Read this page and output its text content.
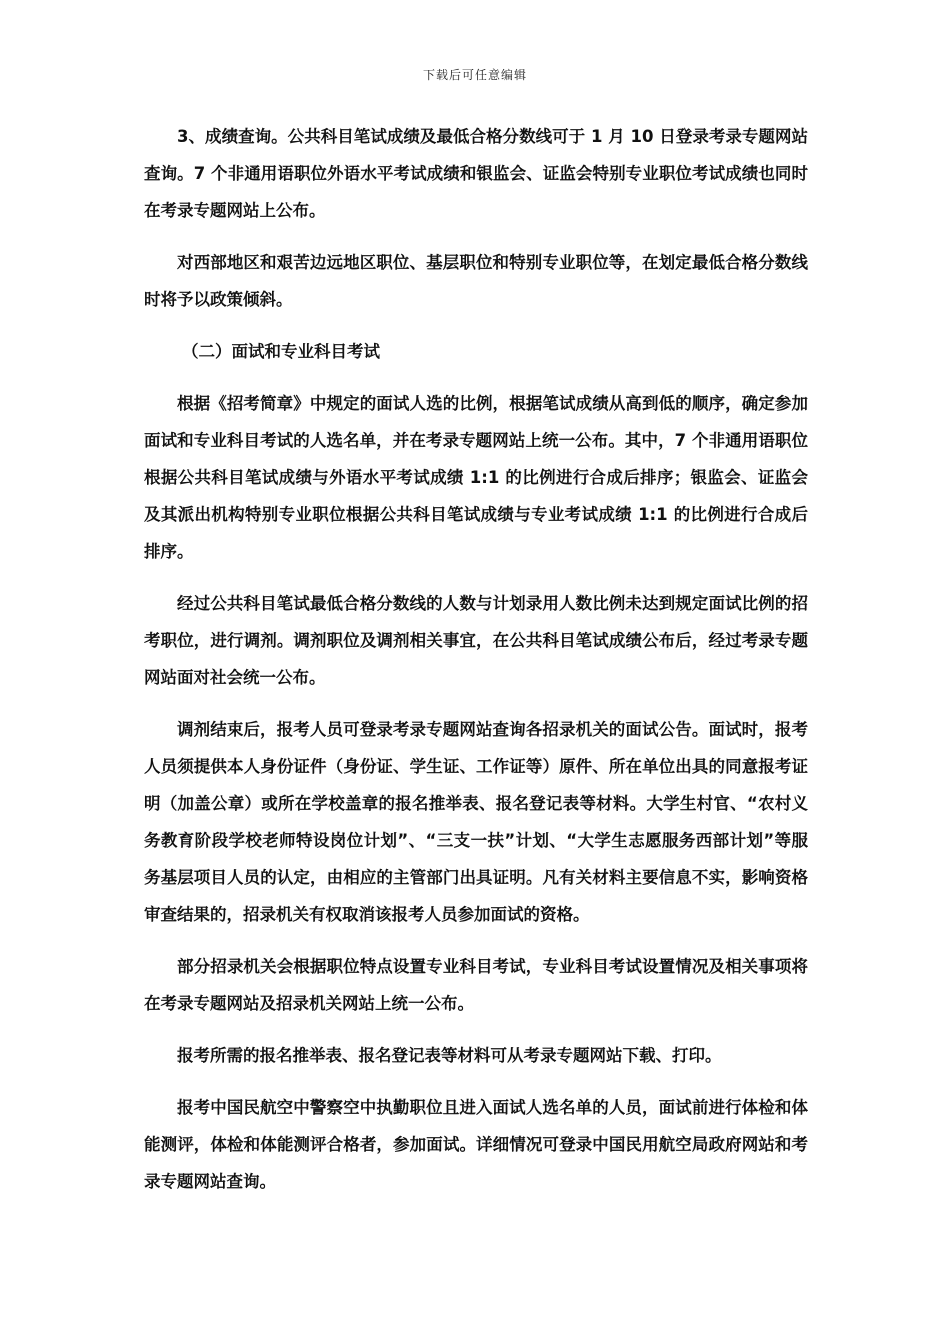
下载后可任意编辑

3、成绩查询。公共科目笔试成绩及最低合格分数线可于 1 月 10 日登录考录专题网站查询。7 个非通用语职位外语水平考试成绩和银监会、证监会特别专业职位考试成绩也同时在考录专题网站上公布。

对西部地区和艰苦边远地区职位、基层职位和特别专业职位等，在划定最低合格分数线时将予以政策倾斜。

（二）面试和专业科目考试

根据《招考简章》中规定的面试人选的比例，根据笔试成绩从高到低的顺序，确定参加面试和专业科目考试的人选名单，并在考录专题网站上统一公布。其中，7 个非通用语职位根据公共科目笔试成绩与外语水平考试成绩 1:1 的比例进行合成后排序；银监会、证监会及其派出机构特别专业职位根据公共科目笔试成绩与专业考试成绩 1:1 的比例进行合成后排序。

经过公共科目笔试最低合格分数线的人数与计划录用人数比例未达到规定面试比例的招考职位，进行调剂。调剂职位及调剂相关事宜，在公共科目笔试成绩公布后，经过考录专题网站面对社会统一公布。

调剂结束后，报考人员可登录考录专题网站查询各招录机关的面试公告。面试时，报考人员须提供本人身份证件（身份证、学生证、工作证等）原件、所在单位出具的同意报考证明（加盖公章）或所在学校盖章的报名推举表、报名登记表等材料。大学生村官、“农村义务教育阶段学校老师特设岗位计划”、“三支一扶”计划、“大学生志愿服务西部计划”等服务基层项目人员的认定，由相应的主管部门出具证明。凡有关材料主要信息不实，影响资格审查结果的，招录机关有权取消该报考人员参加面试的资格。

部分招录机关会根据职位特点设置专业科目考试，专业科目考试设置情况及相关事项将在考录专题网站及招录机关网站上统一公布。

报考所需的报名推举表、报名登记表等材料可从考录专题网站下载、打印。

报考中国民航空中警察空中执勤职位且进入面试人选名单的人员，面试前进行体检和体能测评，体检和体能测评合格者，参加面试。详细情况可登录中国民用航空局政府网站和考录专题网站查询。
